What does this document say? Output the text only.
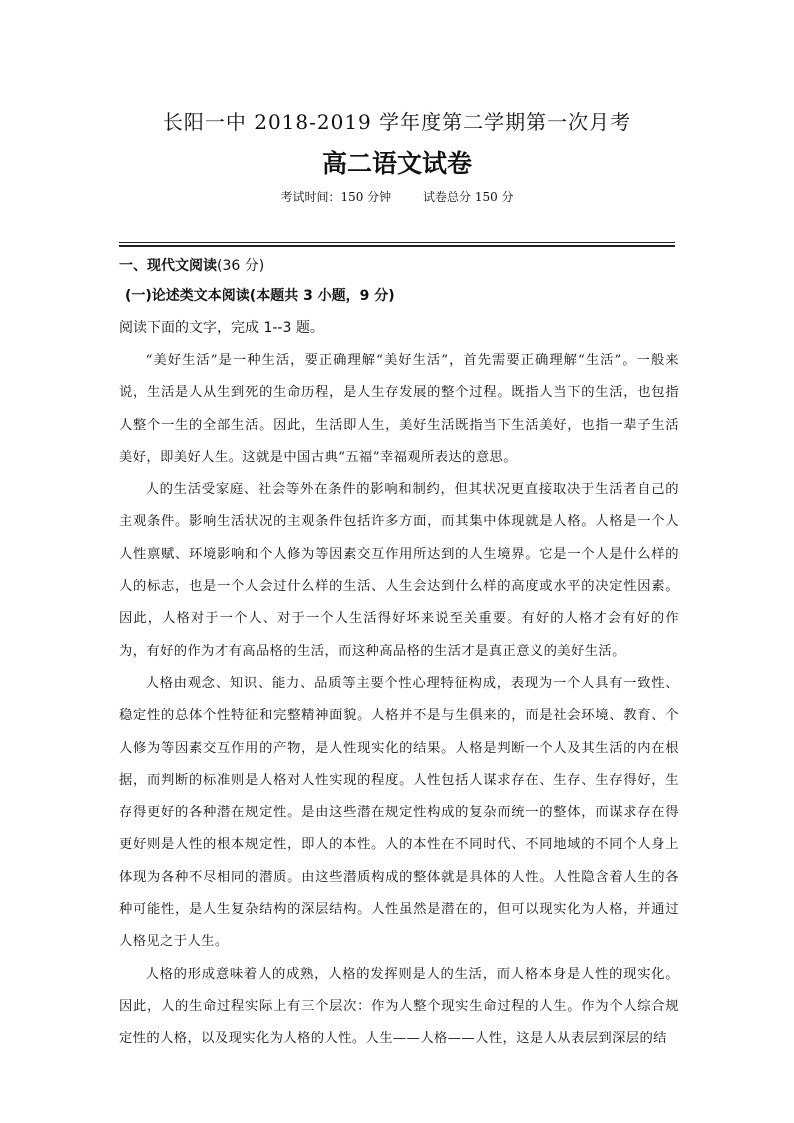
长阳一中 2018-2019 学年度第二学期第一次月考
高二语文试卷
考试时间：150 分钟	试卷总分 150 分
一、现代文阅读(36 分)
(一)论述类文本阅读(本题共 3 小题，9 分)
阅读下面的文字，完成 1--3 题。

“美好生活”是一种生活，要正确理解“美好生活”，首先需要正确理解“生活”。一般来说，生活是人从生到死的生命历程，是人生存发展的整个过程。既指人当下的生活，也包指人整个一生的全部生活。因此，生活即人生，美好生活既指当下生活美好，也指一辈子生活美好，即美好人生。这就是中国古典“五福”幸福观所表达的意思。

人的生活受家庭、社会等外在条件的影响和制约，但其状况更直接取决于生活者自己的主观条件。影响生活状况的主观条件包括许多方面，而其集中体现就是人格。人格是一个人人性禀赋、环境影响和个人修为等因素交互作用所达到的人生境界。它是一个人是什么样的人的标志，也是一个人会过什么样的生活、人生会达到什么样的高度或水平的决定性因素。因此，人格对于一个人、对于一个人生活得好坏来说至关重要。有好的人格才会有好的作为，有好的作为才有高品格的生活，而这种高品格的生活才是真正意义的美好生活。

人格由观念、知识、能力、品质等主要个性心理特征构成，表现为一个人具有一致性、稳定性的总体个性特征和完整精神面貌。人格并不是与生俱来的，而是社会环境、教育、个人修为等因素交互作用的产物，是人性现实化的结果。人格是判断一个人及其生活的内在根据，而判断的标准则是人格对人性实现的程度。人性包括人谋求存在、生存、生存得好，生存得更好的各种潜在规定性。是由这些潜在规定性构成的复杂而统一的整体，而谋求存在得更好则是人性的根本规定性，即人的本性。人的本性在不同时代、不同地域的不同个人身上体现为各种不尽相同的潜质。由这些潜质构成的整体就是具体的人性。人性隐含着人生的各种可能性，是人生复杂结构的深层结构。人性虽然是潜在的，但可以现实化为人格，并通过人格见之于人生。

人格的形成意味着人的成熟，人格的发挥则是人的生活，而人格本身是人性的现实化。因此，人的生命过程实际上有三个层次：作为人整个现实生命过程的人生。作为个人综合规定性的人格，以及现实化为人格的人性。人生——人格——人性，这是人从表层到深层的结
